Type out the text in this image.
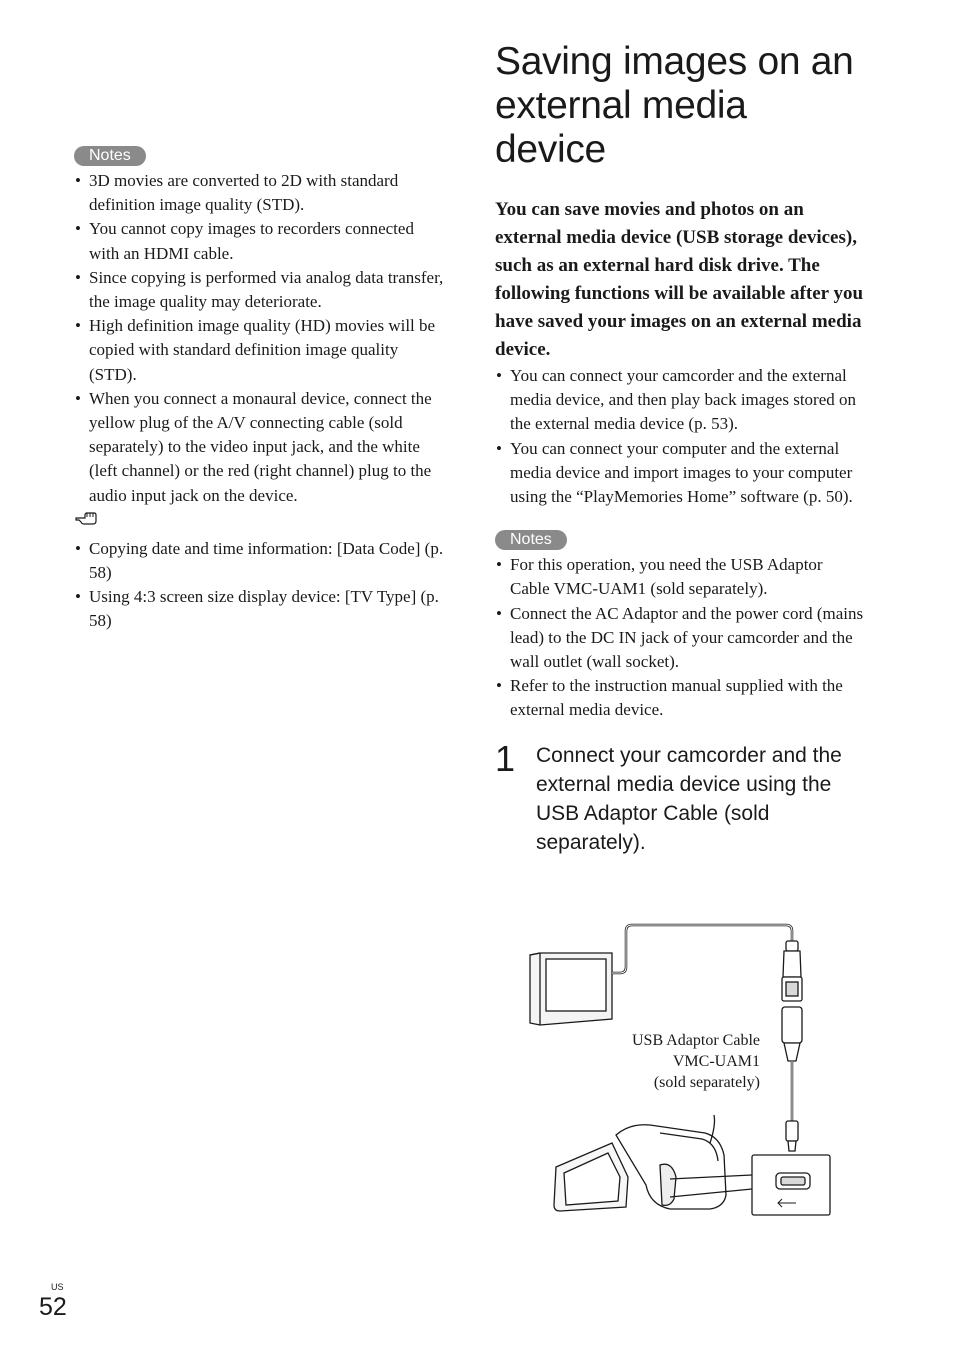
Notes
• 3D movies are converted to 2D with standard definition image quality (STD).
• You cannot copy images to recorders connected with an HDMI cable.
• Since copying is performed via analog data transfer, the image quality may deteriorate.
• High definition image quality (HD) movies will be copied with standard definition image quality (STD).
• When you connect a monaural device, connect the yellow plug of the A/V connecting cable (sold separately) to the video input jack, and the white (left channel) or the red (right channel) plug to the audio input jack on the device.
• Copying date and time information: [Data Code] (p. 58)
• Using 4:3 screen size display device: [TV Type] (p. 58)
Saving images on an external media device
You can save movies and photos on an external media device (USB storage devices), such as an external hard disk drive. The following functions will be available after you have saved your images on an external media device.
• You can connect your camcorder and the external media device, and then play back images stored on the external media device (p. 53).
• You can connect your computer and the external media device and import images to your computer using the “PlayMemories Home” software (p. 50).
Notes
• For this operation, you need the USB Adaptor Cable VMC-UAM1 (sold separately).
• Connect the AC Adaptor and the power cord (mains lead) to the DC IN jack of your camcorder and the wall outlet (wall socket).
• Refer to the instruction manual supplied with the external media device.
1 Connect your camcorder and the external media device using the USB Adaptor Cable (sold separately).
USB Adaptor Cable
VMC-UAM1
(sold separately)
US
52
